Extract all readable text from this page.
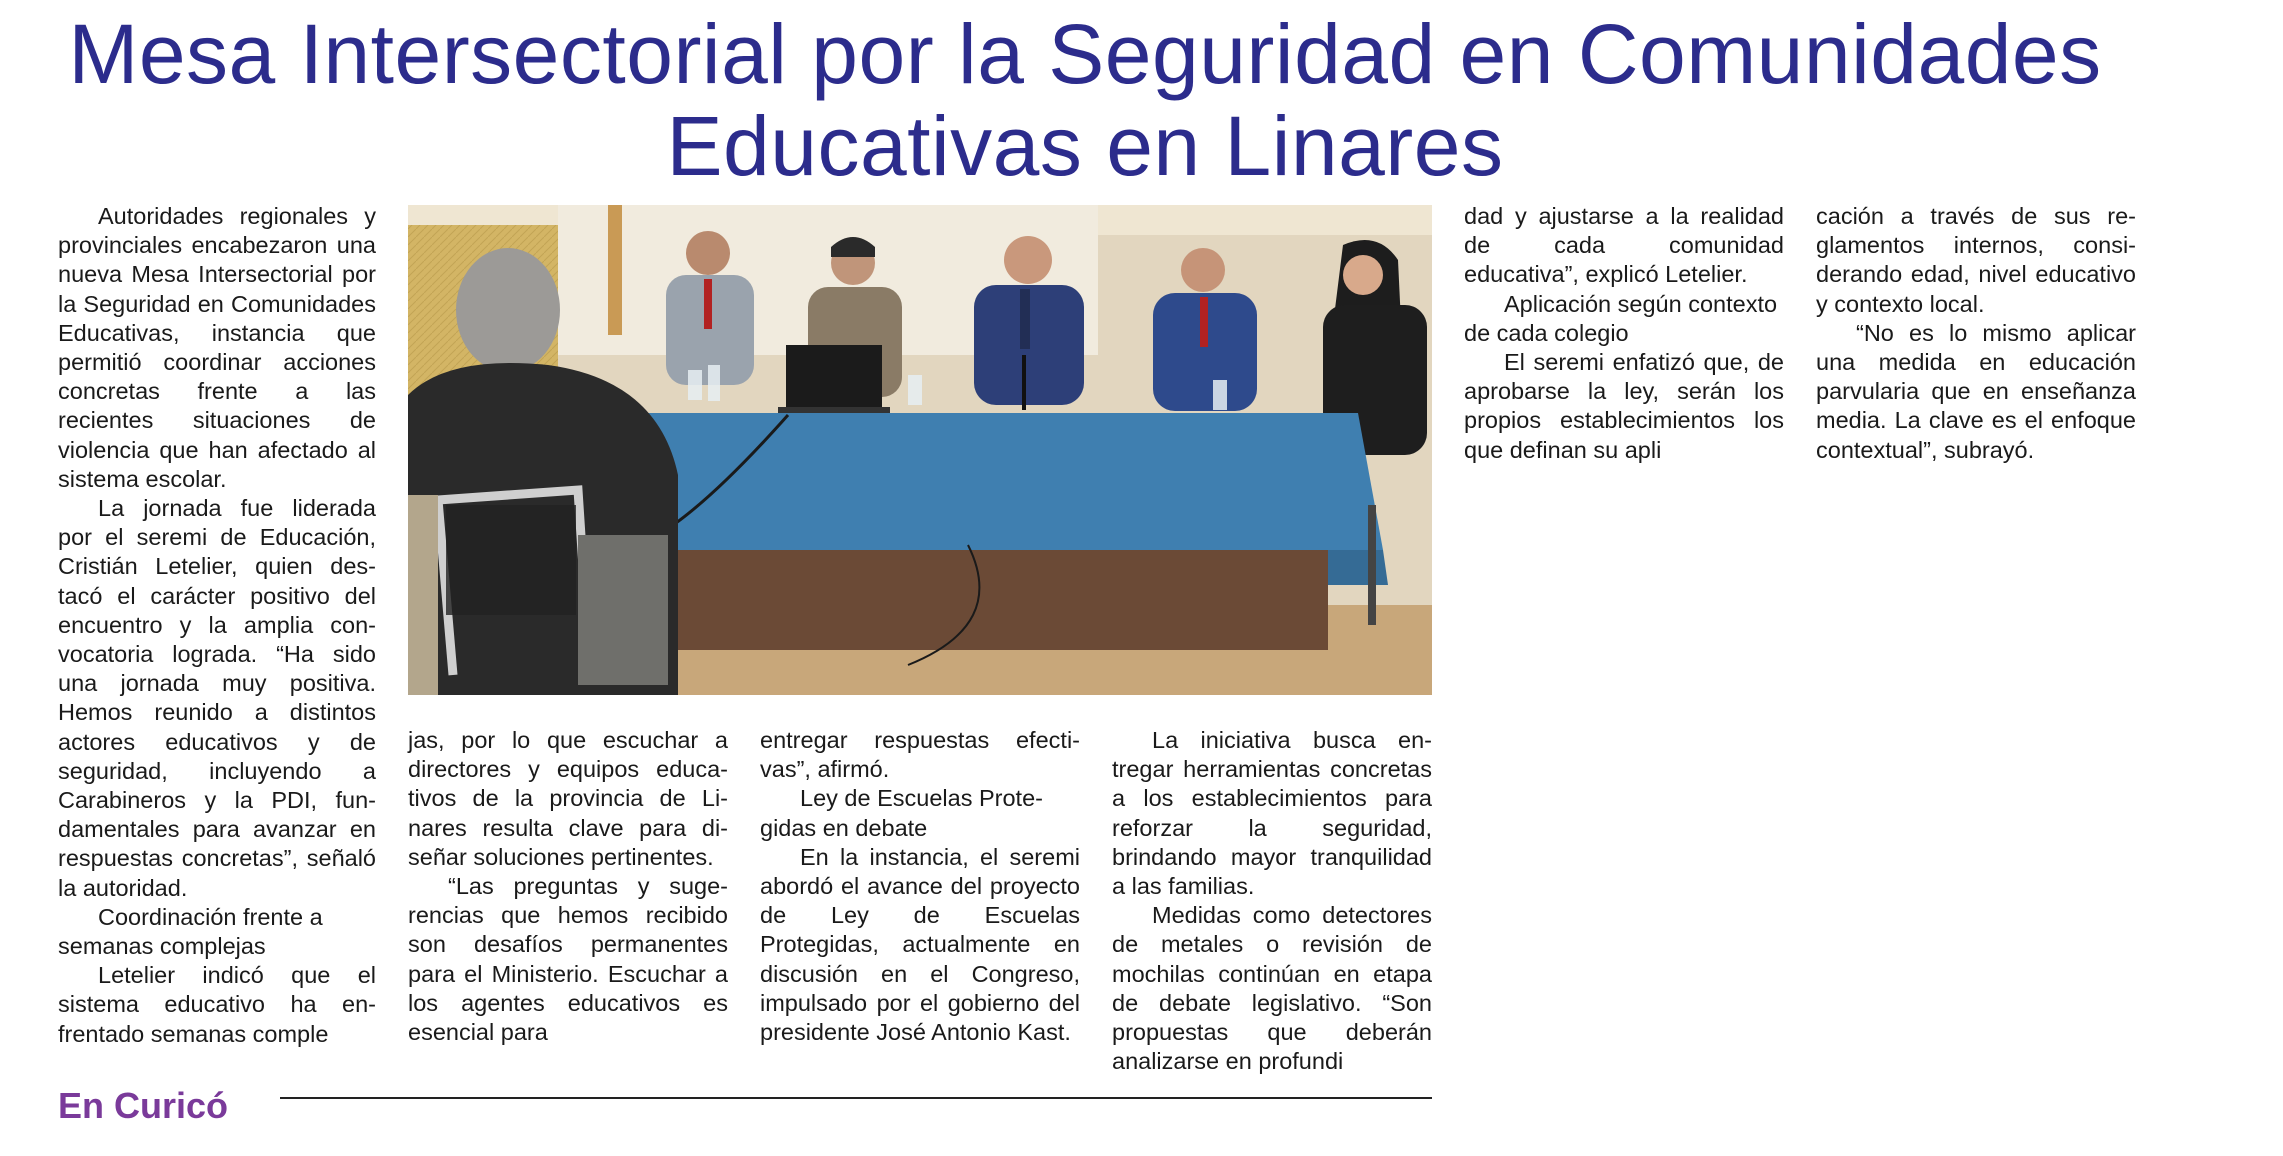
Mesa Intersectorial por la Seguridad en Comunidades
Educativas en Linares

Autoridades regionales y provinciales encabezaron una nueva Mesa Intersectorial por la Seguridad en Comunidades Educativas, instancia que permitió coordinar acciones concretas frente a las recientes situaciones de violencia que han afectado al sistema escolar.

La jornada fue liderada por el seremi de Educación, Cristián Letelier, quien destacó el carácter positivo del encuentro y la amplia convocatoria lograda. “Ha sido una jornada muy positiva. Hemos reunido a distintos actores educativos y de seguridad, incluyendo a Carabineros y la PDI, fundamentales para avanzar en respuestas concretas”, señaló la autoridad.

Coordinación frente a semanas complejas

Letelier indicó que el sistema educativo ha enfrentado semanas comple

jas, por lo que escuchar a directores y equipos educativos de la provincia de Linares resulta clave para diseñar soluciones pertinentes.

“Las preguntas y sugerencias que hemos recibido son desafíos permanentes para el Ministerio. Escuchar a los agentes educativos es esencial para

entregar respuestas efectivas”, afirmó.

Ley de Escuelas Protegidas en debate

En la instancia, el seremi abordó el avance del proyecto de Ley de Escuelas Protegidas, actualmente en discusión en el Congreso, impulsado por el gobierno del presidente José Antonio Kast.

La iniciativa busca entregar herramientas concretas a los establecimientos para reforzar la seguridad, brindando mayor tranquilidad a las familias.

Medidas como detectores de metales o revisión de mochilas continúan en etapa de debate legislativo. “Son propuestas que deberán analizarse en profundi

dad y ajustarse a la realidad de cada comunidad educativa”, explicó Letelier.

Aplicación según contexto de cada colegio

El seremi enfatizó que, de aprobarse la ley, serán los propios establecimientos los que definan su apli

cación a través de sus reglamentos internos, considerando edad, nivel educativo y contexto local.

“No es lo mismo aplicar una medida en educación parvularia que en enseñanza media. La clave es el enfoque contextual”, subrayó.

En Curicó
